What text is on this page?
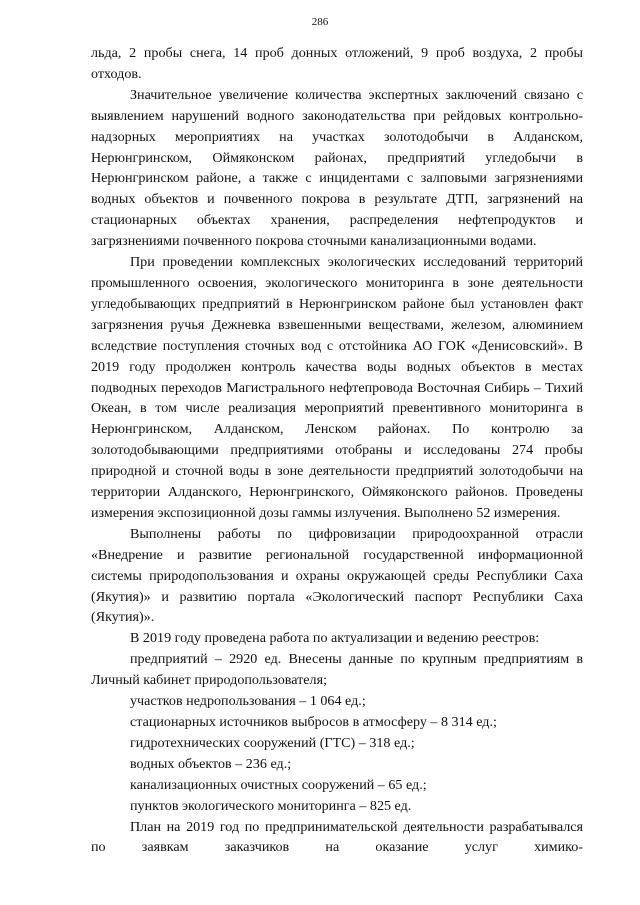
286

льда, 2 пробы снега, 14 проб донных отложений, 9 проб воздуха, 2 пробы отходов.

Значительное увеличение количества экспертных заключений связано с выявлением нарушений водного законодательства при рейдовых контрольно-надзорных мероприятиях на участках золотодобычи в Алданском, Нерюнгринском, Оймяконском районах, предприятий угледобычи в Нерюнгринском районе, а также с инцидентами с залповыми загрязнениями водных объектов и почвенного покрова в результате ДТП, загрязнений на стационарных объектах хранения, распределения нефтепродуктов и загрязнениями почвенного покрова сточными канализационными водами.

При проведении комплексных экологических исследований территорий промышленного освоения, экологического мониторинга в зоне деятельности угледобывающих предприятий в Нерюнгринском районе был установлен факт загрязнения ручья Дежневка взвешенными веществами, железом, алюминием вследствие поступления сточных вод с отстойника АО ГОК «Денисовский». В 2019 году продолжен контроль качества воды водных объектов в местах подводных переходов Магистрального нефтепровода Восточная Сибирь – Тихий Океан, в том числе реализация мероприятий превентивного мониторинга в Нерюнгринском, Алданском, Ленском районах. По контролю за золотодобывающими предприятиями отобраны и исследованы 274 пробы природной и сточной воды в зоне деятельности предприятий золотодобычи на территории Алданского, Нерюнгринского, Оймяконского районов. Проведены измерения экспозиционной дозы гаммы излучения. Выполнено 52 измерения.

Выполнены работы по цифровизации природоохранной отрасли «Внедрение и развитие региональной государственной информационной системы природопользования и охраны окружающей среды Республики Саха (Якутия)» и развитию портала «Экологический паспорт Республики Саха (Якутия)».

В 2019 году проведена работа по актуализации и ведению реестров:

предприятий – 2920 ед. Внесены данные по крупным предприятиям в Личный кабинет природопользователя;

участков недропользования – 1 064 ед.;

стационарных источников выбросов в атмосферу – 8 314 ед.;

гидротехнических сооружений (ГТС) – 318 ед.;

водных объектов – 236 ед.;

канализационных очистных сооружений – 65 ед.;

пунктов экологического мониторинга – 825 ед.

План на 2019 год по предпринимательской деятельности разрабатывался по заявкам заказчиков на оказание услуг химико-
